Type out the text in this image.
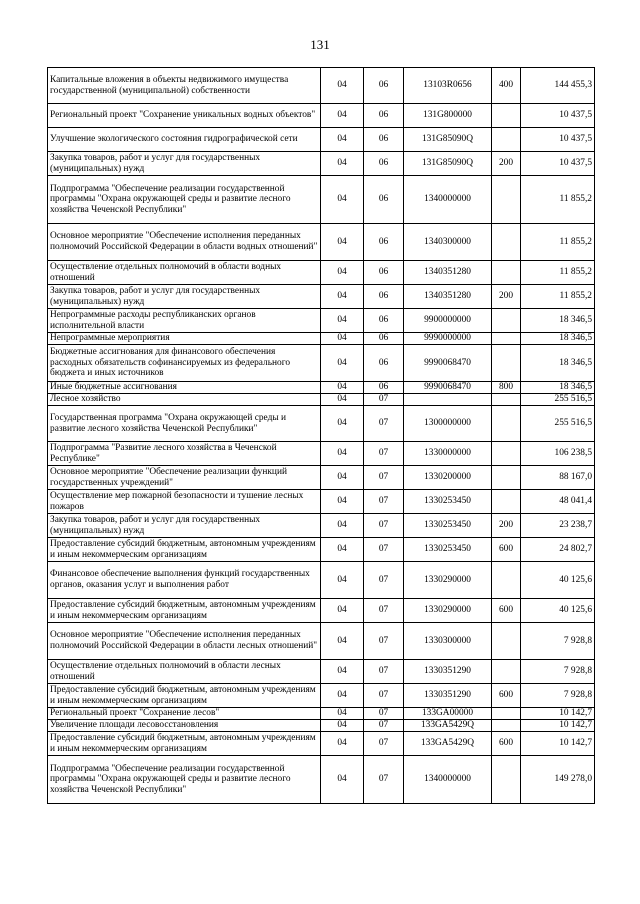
131
Капитальные вложения в объекты недвижимого имущества государственной (муниципальной) собственности	04	06	13103R0656	400	144 455,3
Региональный проект "Сохранение уникальных водных объектов"	04	06	131G800000		10 437,5
Улучшение экологического состояния гидрографической сети	04	06	131G85090Q		10 437,5
Закупка товаров, работ и услуг для государственных (муниципальных) нужд	04	06	131G85090Q	200	10 437,5
Подпрограмма "Обеспечение реализации государственной программы "Охрана окружающей среды и развитие лесного хозяйства Чеченской Республики"	04	06	1340000000		11 855,2
Основное мероприятие "Обеспечение исполнения переданных полномочий Российской Федерации в области водных отношений"	04	06	1340300000		11 855,2
Осуществление отдельных полномочий в области водных отношений	04	06	1340351280		11 855,2
Закупка товаров, работ и услуг для государственных (муниципальных) нужд	04	06	1340351280	200	11 855,2
Непрограммные расходы республиканских органов исполнительной власти	04	06	9900000000		18 346,5
Непрограммные мероприятия	04	06	9990000000		18 346,5
Бюджетные ассигнования для финансового обеспечения расходных обязательств софинансируемых из федерального бюджета и иных источников	04	06	9990068470		18 346,5
Иные бюджетные ассигнования	04	06	9990068470	800	18 346,5
Лесное хозяйство	04	07			255 516,5
Государственная программа "Охрана окружающей среды и развитие лесного хозяйства Чеченской Республики"	04	07	1300000000		255 516,5
Подпрограмма "Развитие лесного хозяйства в Чеченской Республике"	04	07	1330000000		106 238,5
Основное мероприятие "Обеспечение реализации функций государственных учреждений"	04	07	1330200000		88 167,0
Осуществление мер пожарной безопасности и тушение лесных пожаров	04	07	1330253450		48 041,4
Закупка товаров, работ и услуг для государственных (муниципальных) нужд	04	07	1330253450	200	23 238,7
Предоставление субсидий бюджетным, автономным учреждениям и иным некоммерческим организациям	04	07	1330253450	600	24 802,7
Финансовое обеспечение выполнения функций государственных органов, оказания услуг и выполнения работ	04	07	1330290000		40 125,6
Предоставление субсидий бюджетным, автономным учреждениям и иным некоммерческим организациям	04	07	1330290000	600	40 125,6
Основное мероприятие "Обеспечение исполнения переданных полномочий Российской Федерации в области лесных отношений"	04	07	1330300000		7 928,8
Осуществление отдельных полномочий в области лесных отношений	04	07	1330351290		7 928,8
Предоставление субсидий бюджетным, автономным учреждениям и иным некоммерческим организациям	04	07	1330351290	600	7 928,8
Региональный проект "Сохранение лесов"	04	07	133GA00000		10 142,7
Увеличение площади лесовосстановления	04	07	133GA5429Q		10 142,7
Предоставление субсидий бюджетным, автономным учреждениям и иным некоммерческим организациям	04	07	133GA5429Q	600	10 142,7
Подпрограмма "Обеспечение реализации государственной программы "Охрана окружающей среды и развитие лесного хозяйства Чеченской Республики"	04	07	1340000000		149 278,0
